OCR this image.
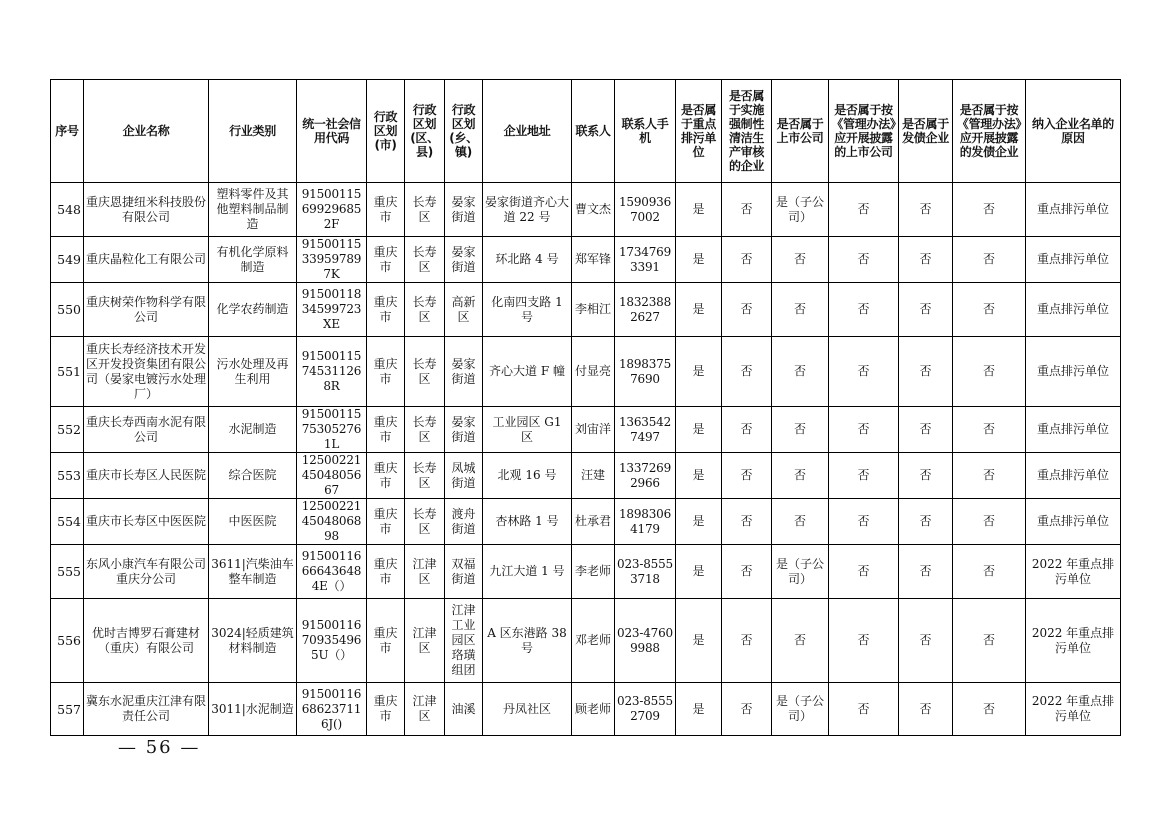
序号	企业名称	行业类别	统一社会信用代码	行政区划(市)	行政区划(区、县)	行政区划(乡、镇)	企业地址	联系人	联系人手机	是否属于重点排污单位	是否属于实施强制性清洁生产审核的企业	是否属于上市公司	是否属于按《管理办法》应开展披露的上市公司	是否属于发债企业	是否属于按《管理办法》应开展披露的发债企业	纳入企业名单的原因
548	重庆恩捷纽米科技股份有限公司	塑料零件及其他塑料制品制造	91500115699296852F	重庆市	长寿区	晏家街道	晏家街道齐心大道 22 号	曹文杰	15909367002	是	否	是（子公司）	否	否	否	重点排污单位
549	重庆晶粒化工有限公司	有机化学原料制造	91500115339597897K	重庆市	长寿区	晏家街道	环北路 4 号	郑军锋	17347693391	是	否	否	否	否	否	重点排污单位
550	重庆树荣作物科学有限公司	化学农药制造	9150011834599723XE	重庆市	长寿区	高新区	化南四支路 1 号	李相江	18323882627	是	否	否	否	否	否	重点排污单位
551	重庆长寿经济技术开发区开发投资集团有限公司（晏家电镀污水处理厂）	污水处理及再生利用	91500115745311268R	重庆市	长寿区	晏家街道	齐心大道 F 幢	付显亮	18983757690	是	否	否	否	否	否	重点排污单位
552	重庆长寿西南水泥有限公司	水泥制造	91500115753052761L	重庆市	长寿区	晏家街道	工业园区 G1 区	刘宙洋	13635427497	是	否	否	否	否	否	重点排污单位
553	重庆市长寿区人民医院	综合医院	125002214504805667	重庆市	长寿区	凤城街道	北观 16 号	汪建	13372692966	是	否	否	否	否	否	重点排污单位
554	重庆市长寿区中医医院	中医医院	125002214504806898	重庆市	长寿区	渡舟街道	杏林路 1 号	杜承君	18983064179	是	否	否	否	否	否	重点排污单位
555	东风小康汽车有限公司重庆分公司	3611|汽柴油车整车制造	91500116666436484E（）	重庆市	江津区	双福街道	九江大道 1 号	李老师	023-85553718	是	否	是（子公司）	否	否	否	2022 年重点排污单位
556	优时吉博罗石膏建材（重庆）有限公司	3024|轻质建筑材料制造	91500116709354965U（）	重庆市	江津区	江津工业园区珞璜组团	A 区东港路 38 号	邓老师	023-47609988	是	否	否	否	否	否	2022 年重点排污单位
557	冀东水泥重庆江津有限责任公司	3011|水泥制造	91500116686237116J()	重庆市	江津区	油溪	丹凤社区	顾老师	023-85552709	是	否	是（子公司）	否	否	否	2022 年重点排污单位
— 56 —
